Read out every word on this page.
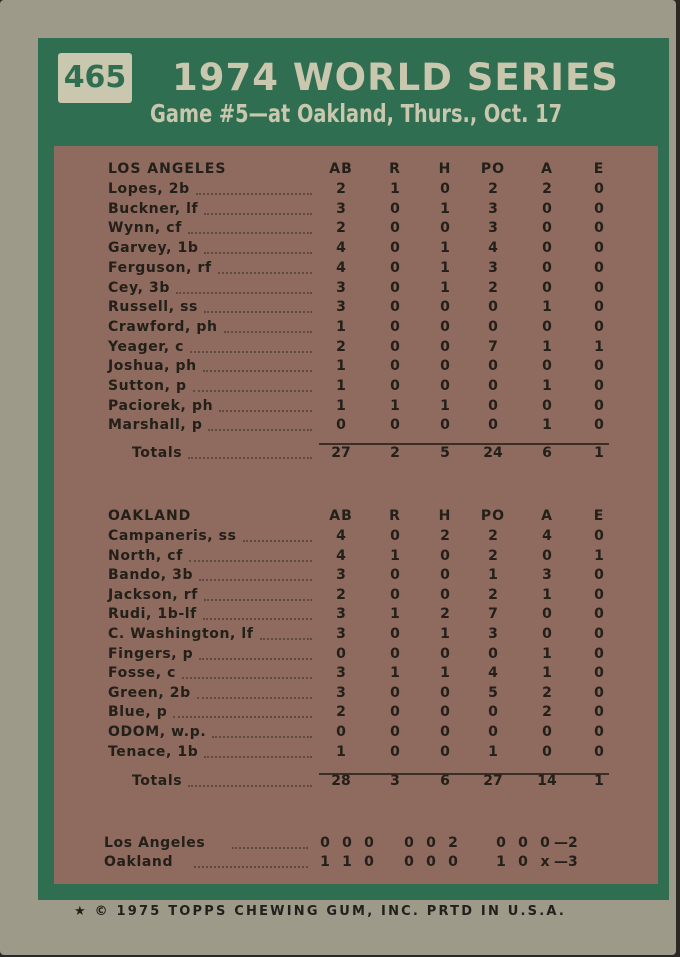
465 1974 WORLD SERIES
Game #5—at Oakland, Thurs., Oct. 17
LOS ANGELES	AB	R	H	PO	A	E
Lopes, 2b	2	1	0	2	2	0
Buckner, lf	3	0	1	3	0	0
Wynn, cf	2	0	0	3	0	0
Garvey, 1b	4	0	1	4	0	0
Ferguson, rf	4	0	1	3	0	0
Cey, 3b	3	0	1	2	0	0
Russell, ss	3	0	0	0	1	0
Crawford, ph	1	0	0	0	0	0
Yeager, c	2	0	0	7	1	1
Joshua, ph	1	0	0	0	0	0
Sutton, p	1	0	0	0	1	0
Paciorek, ph	1	1	1	0	0	0
Marshall, p	0	0	0	0	1	0
Totals	27	2	5	24	6	1
OAKLAND	AB	R	H	PO	A	E
Campaneris, ss	4	0	2	2	4	0
North, cf	4	1	0	2	0	1
Bando, 3b	3	0	0	1	3	0
Jackson, rf	2	0	0	2	1	0
Rudi, 1b-lf	3	1	2	7	0	0
C. Washington, lf	3	0	1	3	0	0
Fingers, p	0	0	0	0	1	0
Fosse, c	3	1	1	4	1	0
Green, 2b	3	0	0	5	2	0
Blue, p	2	0	0	0	2	0
ODOM, w.p.	0	0	0	0	0	0
Tenace, 1b	1	0	0	1	0	0
Totals	28	3	6	27	14	1
Los Angeles	0 0 0 0 0 2	0 0 0 —2
Oakland	1 1 0 0 0 0	1 0 x —3
★ © 1975 TOPPS CHEWING GUM, INC. PRTD IN U.S.A.
